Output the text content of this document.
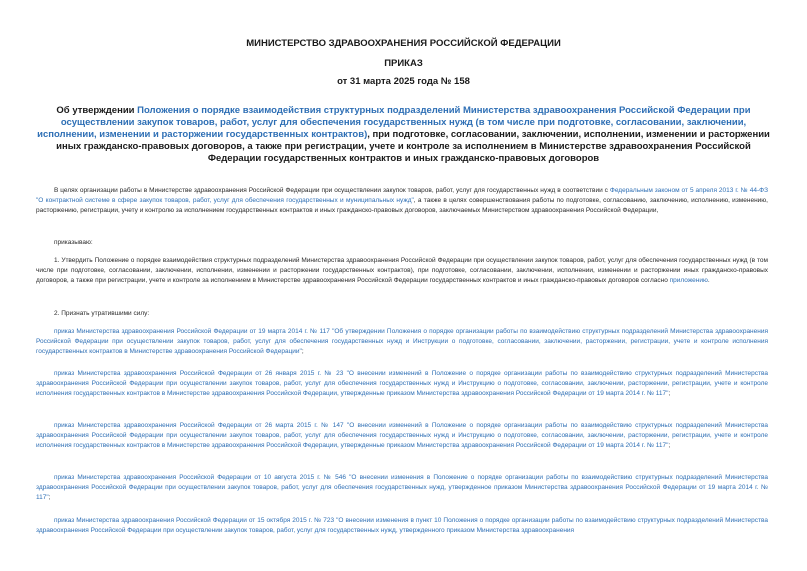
МИНИСТЕРСТВО ЗДРАВООХРАНЕНИЯ РОССИЙСКОЙ ФЕДЕРАЦИИ
ПРИКАЗ
от 31 марта 2025 года № 158
Об утверждении Положения о порядке взаимодействия структурных подразделений Министерства здравоохранения Российской Федерации при осуществлении закупок товаров, работ, услуг для обеспечения государственных нужд (в том числе при подготовке, согласовании, заключении, исполнении, изменении и расторжении государственных контрактов), при подготовке, согласовании, заключении, исполнении, изменении и расторжении иных гражданско-правовых договоров, а также при регистрации, учете и контроле за исполнением в Министерстве здравоохранения Российской Федерации государственных контрактов и иных гражданско-правовых договоров
В целях организации работы в Министерстве здравоохранения Российской Федерации при осуществлении закупок товаров, работ, услуг для государственных нужд в соответствии с Федеральным законом от 5 апреля 2013 г. № 44-ФЗ "О контрактной системе в сфере закупок товаров, работ, услуг для обеспечения государственных и муниципальных нужд", а также в целях совершенствования работы по подготовке, согласованию, заключению, исполнению, изменению, расторжению, регистрации, учету и контролю за исполнением государственных контрактов и иных гражданско-правовых договоров, заключаемых Министерством здравоохранения Российской Федерации,
приказываю:
1. Утвердить Положение о порядке взаимодействия структурных подразделений Министерства здравоохранения Российской Федерации при осуществлении закупок товаров, работ, услуг для обеспечения государственных нужд (в том числе при подготовке, согласовании, заключении, исполнении, изменении и расторжении государственных контрактов), при подготовке, согласовании, заключении, исполнении, изменении и расторжении иных гражданско-правовых договоров, а также при регистрации, учете и контроле за исполнением в Министерстве здравоохранения Российской Федерации государственных контрактов и иных гражданско-правовых договоров согласно приложению.
2. Признать утратившими силу:
приказ Министерства здравоохранения Российской Федерации от 19 марта 2014 г. № 117 "Об утверждении Положения о порядке организации работы по взаимодействию структурных подразделений Министерства здравоохранения Российской Федерации при осуществлении закупок товаров, работ, услуг для обеспечения государственных нужд и Инструкции о подготовке, согласовании, заключении, расторжении, регистрации, учете и контроле исполнения государственных контрактов в Министерстве здравоохранения Российской Федерации";
приказ Министерства здравоохранения Российской Федерации от 26 января 2015 г. № 23 "О внесении изменений в Положение о порядке организации работы по взаимодействию структурных подразделений Министерства здравоохранения Российской Федерации при осуществлении закупок товаров, работ, услуг для обеспечения государственных нужд и Инструкцию о подготовке, согласовании, заключении, расторжении, регистрации, учете и контроле исполнения государственных контрактов в Министерстве здравоохранения Российской Федерации, утвержденные приказом Министерства здравоохранения Российской Федерации от 19 марта 2014 г. № 117";
приказ Министерства здравоохранения Российской Федерации от 26 марта 2015 г. № 147 "О внесении изменений в Положение о порядке организации работы по взаимодействию структурных подразделений Министерства здравоохранения Российской Федерации при осуществлении закупок товаров, работ, услуг для обеспечения государственных нужд и Инструкцию о подготовке, согласовании, заключении, расторжении, регистрации, учете и контроле исполнения государственных контрактов в Министерстве здравоохранения Российской Федерации, утвержденные приказом Министерства здравоохранения Российской Федерации от 19 марта 2014 г. № 117";
приказ Министерства здравоохранения Российской Федерации от 10 августа 2015 г. № 546 "О внесении изменения в Положение о порядке организации работы по взаимодействию структурных подразделений Министерства здравоохранения Российской Федерации при осуществлении закупок товаров, работ, услуг для обеспечения государственных нужд, утвержденное приказом Министерства здравоохранения Российской Федерации от 19 марта 2014 г. № 117";
приказ Министерства здравоохранения Российской Федерации от 15 октября 2015 г. № 723 "О внесении изменения в пункт 10 Положения о порядке организации работы по взаимодействию структурных подразделений Министерства здравоохранения Российской Федерации при осуществлении закупок товаров, работ, услуг для государственных нужд, утвержденного приказом Министерства здравоохранения
